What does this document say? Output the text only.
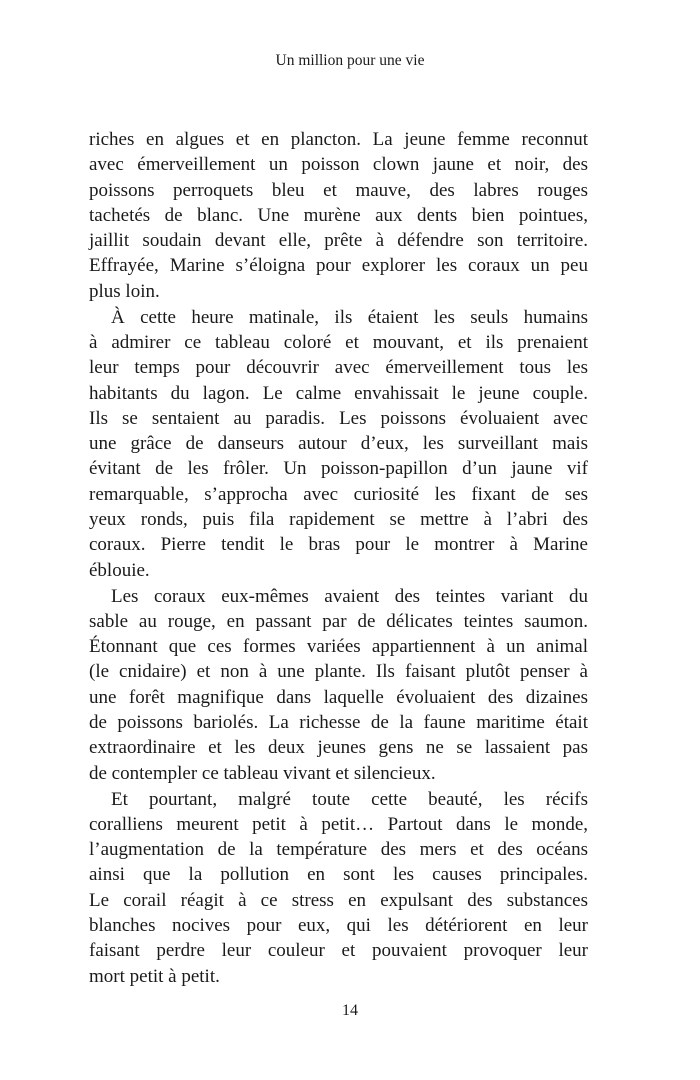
Un million pour une vie
riches en algues et en plancton. La jeune femme reconnut
avec émerveillement un poisson clown jaune et noir, des
poissons perroquets bleu et mauve, des labres rouges
tachetés de blanc. Une murène aux dents bien pointues,
jaillit soudain devant elle, prête à défendre son territoire.
Effrayée, Marine s’éloigna pour explorer les coraux un peu
plus loin.
À cette heure matinale, ils étaient les seuls humains
à admirer ce tableau coloré et mouvant, et ils prenaient
leur temps pour découvrir avec émerveillement tous les
habitants du lagon. Le calme envahissait le jeune couple.
Ils se sentaient au paradis. Les poissons évoluaient avec
une grâce de danseurs autour d’eux, les surveillant mais
évitant de les frôler. Un poisson-papillon d’un jaune vif
remarquable, s’approcha avec curiosité les fixant de ses
yeux ronds, puis fila rapidement se mettre à l’abri des
coraux. Pierre tendit le bras pour le montrer à Marine
éblouie.
Les coraux eux-mêmes avaient des teintes variant du
sable au rouge, en passant par de délicates teintes saumon.
Étonnant que ces formes variées appartiennent à un animal
(le cnidaire) et non à une plante. Ils faisant plutôt penser à
une forêt magnifique dans laquelle évoluaient des dizaines
de poissons bariolés. La richesse de la faune maritime était
extraordinaire et les deux jeunes gens ne se lassaient pas
de contempler ce tableau vivant et silencieux.
Et pourtant, malgré toute cette beauté, les récifs
coralliens meurent petit à petit… Partout dans le monde,
l’augmentation de la température des mers et des océans
ainsi que la pollution en sont les causes principales.
Le corail réagit à ce stress en expulsant des substances
blanches nocives pour eux, qui les détériorent en leur
faisant perdre leur couleur et pouvaient provoquer leur
mort petit à petit.
14
